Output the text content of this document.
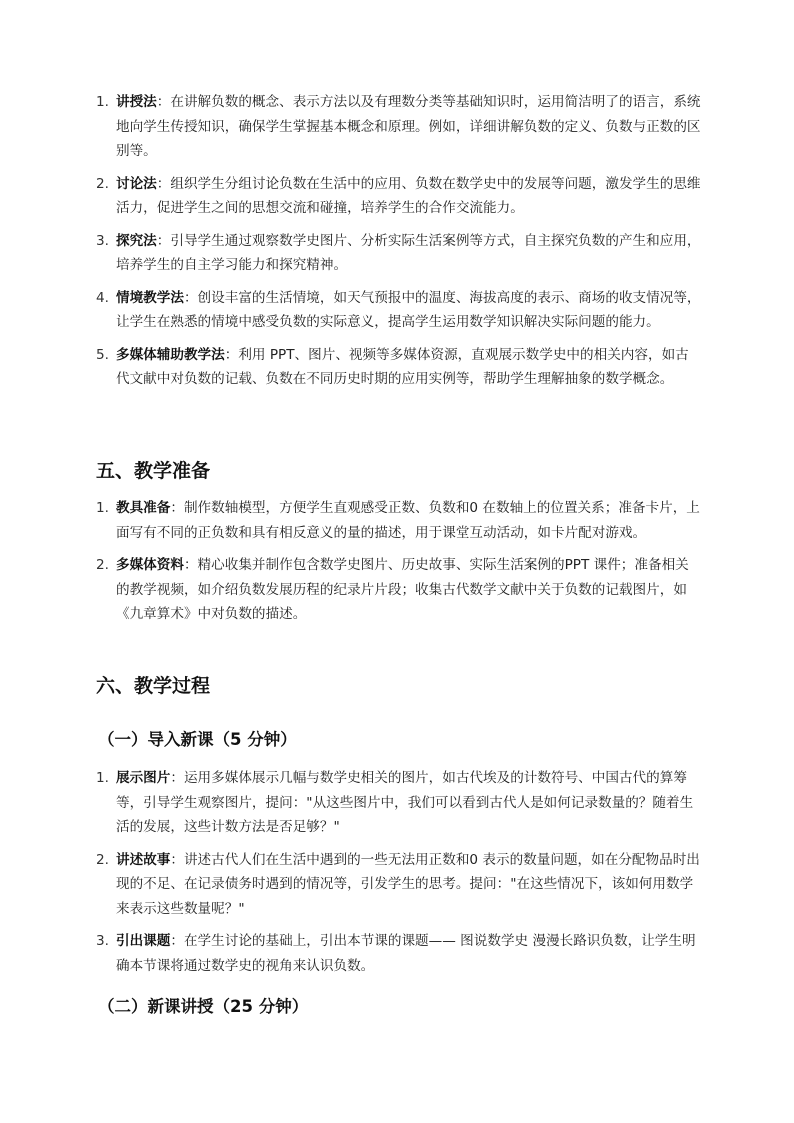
1. 讲授法：在讲解负数的概念、表示方法以及有理数分类等基础知识时，运用简洁明了的语言，系统地向学生传授知识，确保学生掌握基本概念和原理。例如，详细讲解负数的定义、负数与正数的区别等。
2. 讨论法：组织学生分组讨论负数在生活中的应用、负数在数学史中的发展等问题，激发学生的思维活力，促进学生之间的思想交流和碰撞，培养学生的合作交流能力。
3. 探究法：引导学生通过观察数学史图片、分析实际生活案例等方式，自主探究负数的产生和应用，培养学生的自主学习能力和探究精神。
4. 情境教学法：创设丰富的生活情境，如天气预报中的温度、海拔高度的表示、商场的收支情况等，让学生在熟悉的情境中感受负数的实际意义，提高学生运用数学知识解决实际问题的能力。
5. 多媒体辅助教学法：利用 PPT、图片、视频等多媒体资源，直观展示数学史中的相关内容，如古代文献中对负数的记载、负数在不同历史时期的应用实例等，帮助学生理解抽象的数学概念。
五、教学准备
1. 教具准备：制作数轴模型，方便学生直观感受正数、负数和0 在数轴上的位置关系；准备卡片，上面写有不同的正负数和具有相反意义的量的描述，用于课堂互动活动，如卡片配对游戏。
2. 多媒体资料：精心收集并制作包含数学史图片、历史故事、实际生活案例的PPT 课件；准备相关的教学视频，如介绍负数发展历程的纪录片片段；收集古代数学文献中关于负数的记载图片，如《九章算术》中对负数的描述。
六、教学过程
（一）导入新课（5 分钟）
1. 展示图片：运用多媒体展示几幅与数学史相关的图片，如古代埃及的计数符号、中国古代的算筹等，引导学生观察图片，提问："从这些图片中，我们可以看到古代人是如何记录数量的？随着生活的发展，这些计数方法是否足够？"
2. 讲述故事：讲述古代人们在生活中遇到的一些无法用正数和0 表示的数量问题，如在分配物品时出现的不足、在记录债务时遇到的情况等，引发学生的思考。提问："在这些情况下，该如何用数学来表示这些数量呢？"
3. 引出课题：在学生讨论的基础上，引出本节课的课题—— 图说数学史 漫漫长路识负数，让学生明确本节课将通过数学史的视角来认识负数。
（二）新课讲授（25 分钟）
